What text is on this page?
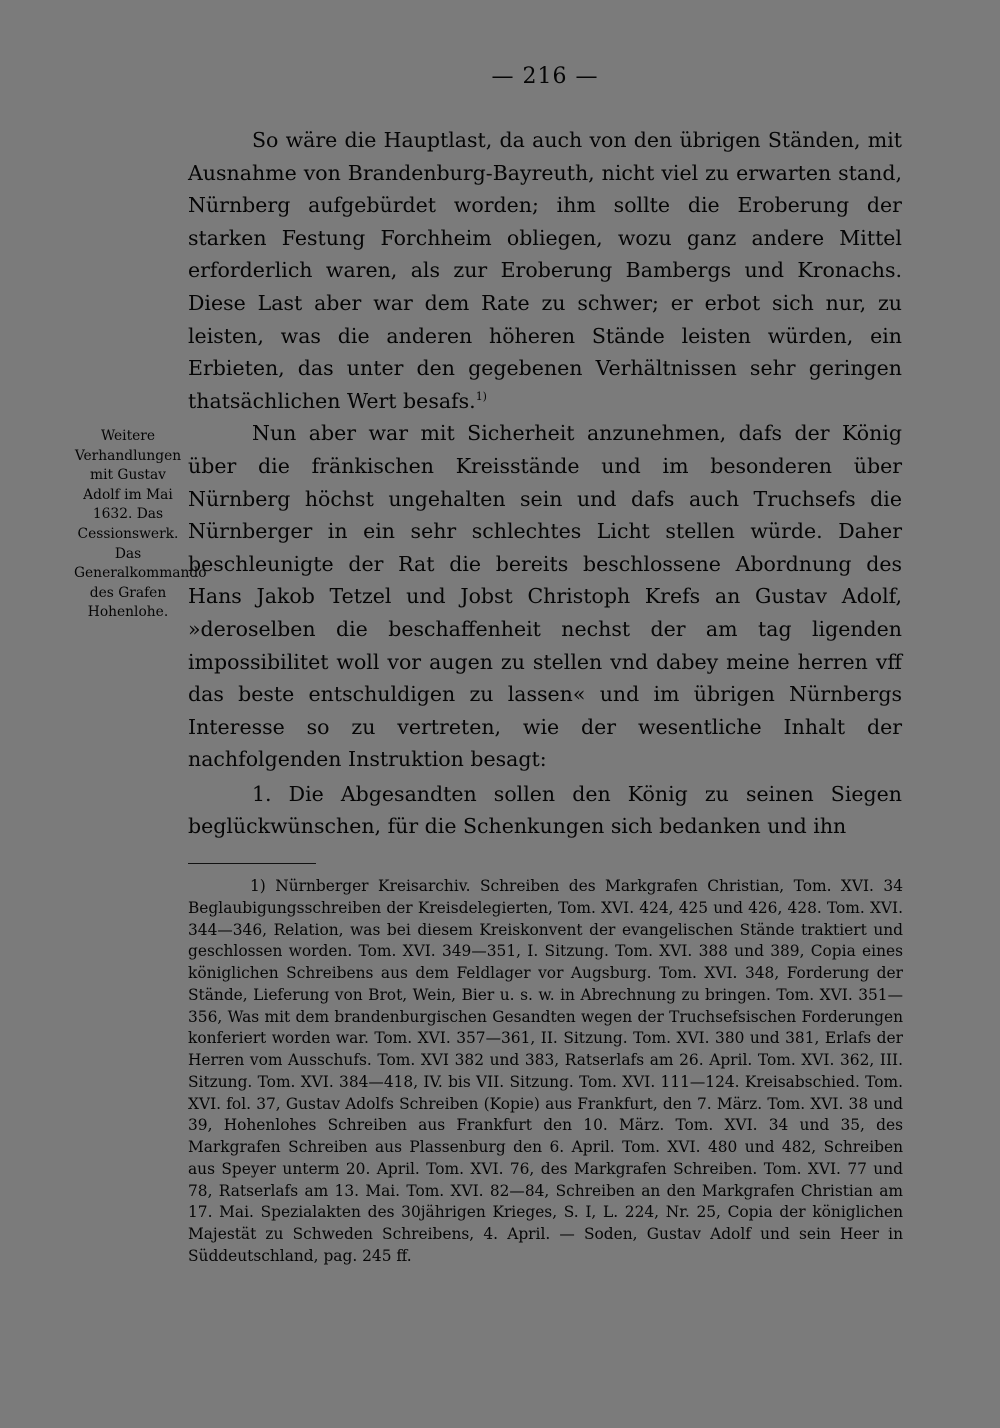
— 216 —

So wäre die Hauptlast, da auch von den übrigen Ständen, mit Ausnahme von Brandenburg-Bayreuth, nicht viel zu erwarten stand, Nürnberg aufgebürdet worden; ihm sollte die Eroberung der starken Festung Forchheim obliegen, wozu ganz andere Mittel erforderlich waren, als zur Eroberung Bambergs und Kronachs. Diese Last aber war dem Rate zu schwer; er erbot sich nur, zu leisten, was die anderen höheren Stände leisten würden, ein Erbieten, das unter den gegebenen Verhältnissen sehr geringen thatsächlichen Wert besafs.$^{1)}$

Nun aber war mit Sicherheit anzunehmen, dafs der König über die fränkischen Kreisstände und im besonderen über Nürnberg höchst ungehalten sein und dafs auch Truchsefs die Nürnberger in ein sehr schlechtes Licht stellen würde. Daher beschleunigte der Rat die bereits beschlossene Abordnung des Hans Jakob Tetzel und Jobst Christoph Krefs an Gustav Adolf, »deroselben die beschaffenheit nechst der am tag ligenden impossibilitet woll vor augen zu stellen vnd dabey meine herren vff das beste entschuldigen zu lassen« und im übrigen Nürnbergs Interesse so zu vertreten, wie der wesentliche Inhalt der nachfolgenden Instruktion besagt:

1. Die Abgesandten sollen den König zu seinen Siegen beglückwünschen, für die Schenkungen sich bedanken und ihn

Weitere Verhandlungen mit Gustav Adolf im Mai 1632. Das Cessionswerk. Das Generalkommando des Grafen Hohenlohe.

1) Nürnberger Kreisarchiv. Schreiben des Markgrafen Christian, Tom. XVI. 34 Beglaubigungsschreiben der Kreisdelegierten, Tom. XVI. 424, 425 und 426, 428. Tom. XVI. 344—346, Relation, was bei diesem Kreiskonvent der evangelischen Stände traktiert und geschlossen worden. Tom. XVI. 349—351, I. Sitzung. Tom. XVI. 388 und 389, Copia eines königlichen Schreibens aus dem Feldlager vor Augsburg. Tom. XVI. 348, Forderung der Stände, Lieferung von Brot, Wein, Bier u. s. w. in Abrechnung zu bringen. Tom. XVI. 351—356, Was mit dem brandenburgischen Gesandten wegen der Truchsefsischen Forderungen konferiert worden war. Tom. XVI. 357—361, II. Sitzung. Tom. XVI. 380 und 381, Erlafs der Herren vom Ausschufs. Tom. XVI 382 und 383, Ratserlafs am 26. April. Tom. XVI. 362, III. Sitzung. Tom. XVI. 384—418, IV. bis VII. Sitzung. Tom. XVI. 111—124. Kreisabschied. Tom. XVI. fol. 37, Gustav Adolfs Schreiben (Kopie) aus Frankfurt, den 7. März. Tom. XVI. 38 und 39, Hohenlohes Schreiben aus Frankfurt den 10. März. Tom. XVI. 34 und 35, des Markgrafen Schreiben aus Plassenburg den 6. April. Tom. XVI. 480 und 482, Schreiben aus Speyer unterm 20. April. Tom. XVI. 76, des Markgrafen Schreiben. Tom. XVI. 77 und 78, Ratserlafs am 13. Mai. Tom. XVI. 82—84, Schreiben an den Markgrafen Christian am 17. Mai. Spezialakten des 30jährigen Krieges, S. I, L. 224, Nr. 25, Copia der königlichen Majestät zu Schweden Schreibens, 4. April. — Soden, Gustav Adolf und sein Heer in Süddeutschland, pag. 245 ff.
